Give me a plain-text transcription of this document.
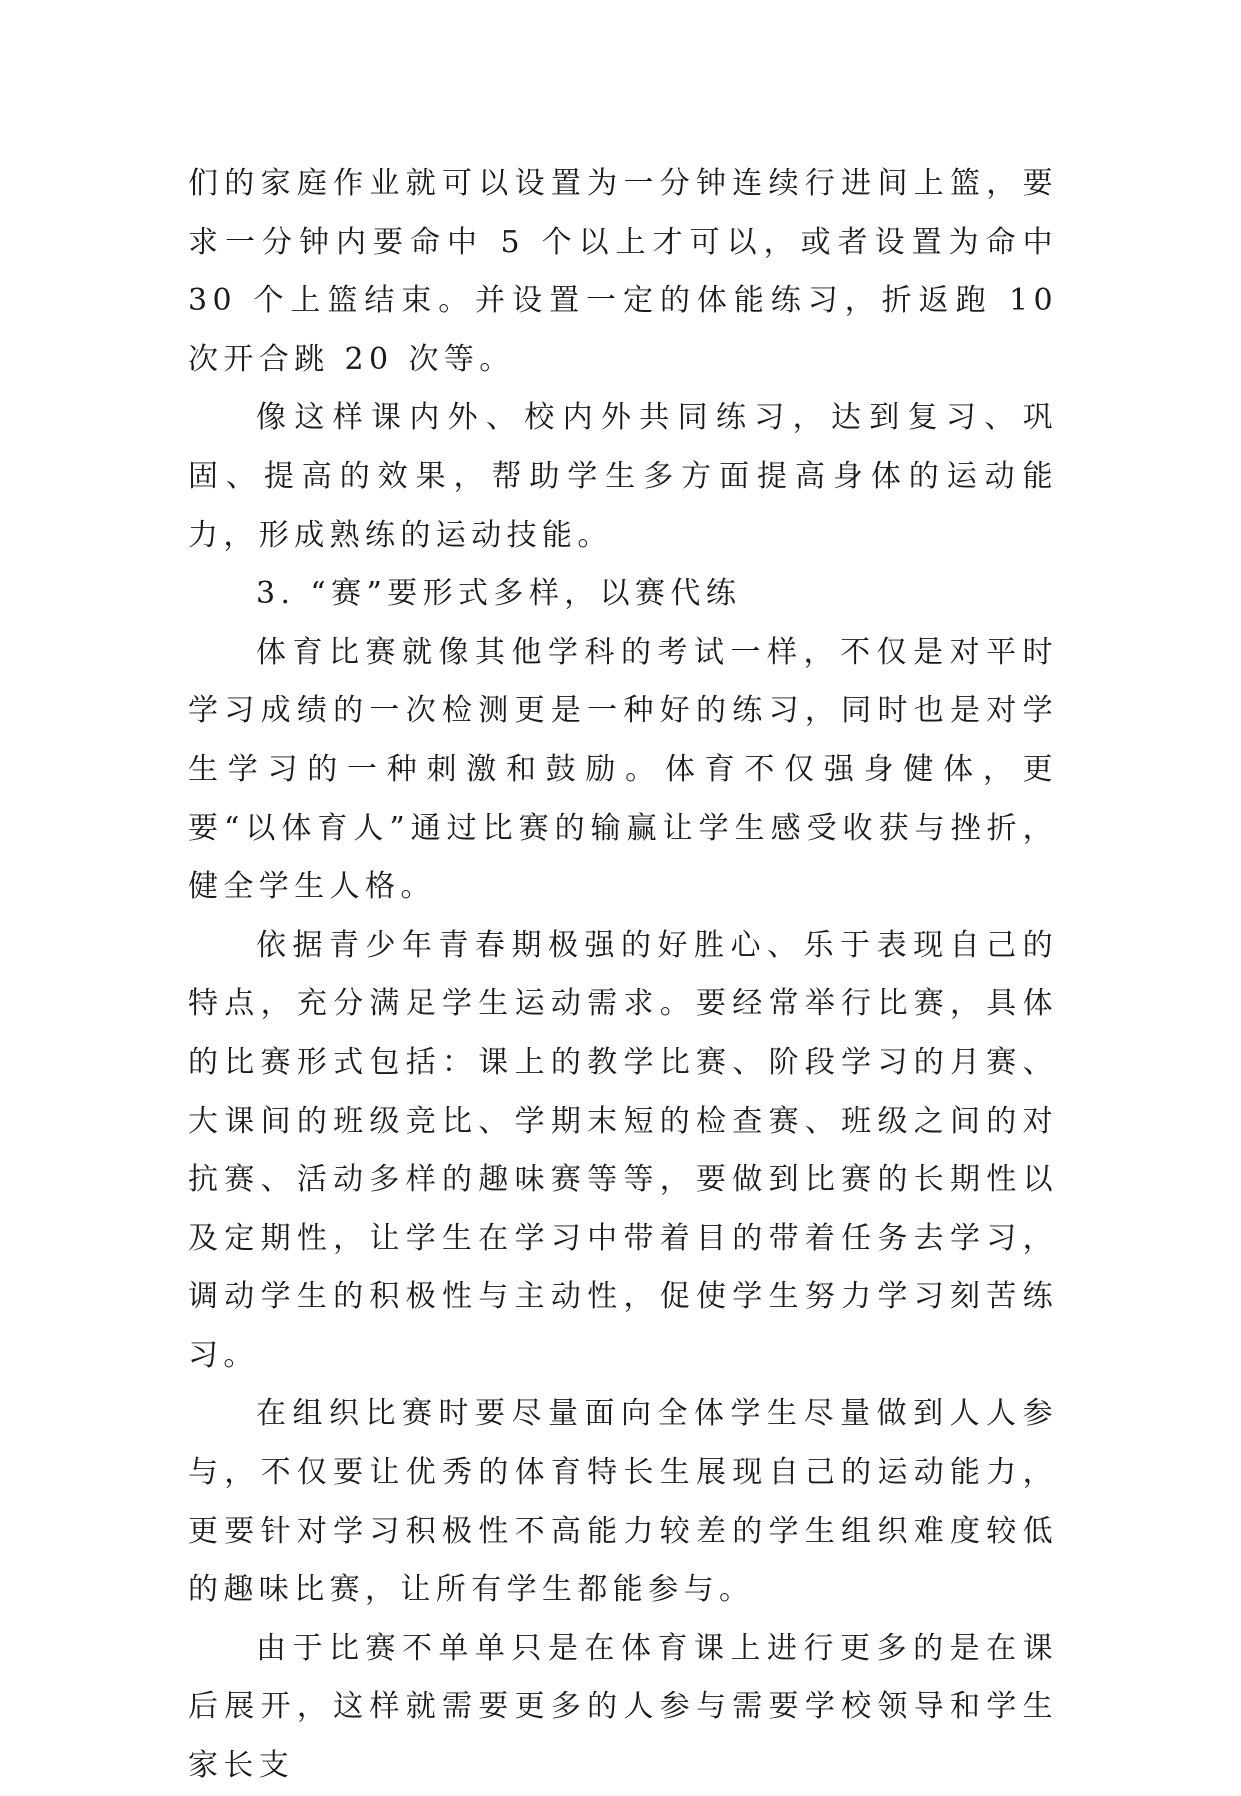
们的家庭作业就可以设置为一分钟连续行进间上篮，要求一分钟内要命中 5 个以上才可以，或者设置为命中 30 个上篮结束。并设置一定的体能练习，折返跑 10 次开合跳 20 次等。

像这样课内外、校内外共同练习，达到复习、巩固、提高的效果，帮助学生多方面提高身体的运动能力，形成熟练的运动技能。

3. “赛”要形式多样，以赛代练

体育比赛就像其他学科的考试一样，不仅是对平时学习成绩的一次检测更是一种好的练习，同时也是对学生学习的一种刺激和鼓励。体育不仅强身健体，更要“以体育人”通过比赛的输赢让学生感受收获与挫折，健全学生人格。

依据青少年青春期极强的好胜心、乐于表现自己的特点，充分满足学生运动需求。要经常举行比赛，具体的比赛形式包括：课上的教学比赛、阶段学习的月赛、大课间的班级竞比、学期末短的检查赛、班级之间的对抗赛、活动多样的趣味赛等等，要做到比赛的长期性以及定期性，让学生在学习中带着目的带着任务去学习，调动学生的积极性与主动性，促使学生努力学习刻苦练习。

在组织比赛时要尽量面向全体学生尽量做到人人参与，不仅要让优秀的体育特长生展现自己的运动能力，更要针对学习积极性不高能力较差的学生组织难度较低的趣味比赛，让所有学生都能参与。

由于比赛不单单只是在体育课上进行更多的是在课后展开，这样就需要更多的人参与需要学校领导和学生家长支
